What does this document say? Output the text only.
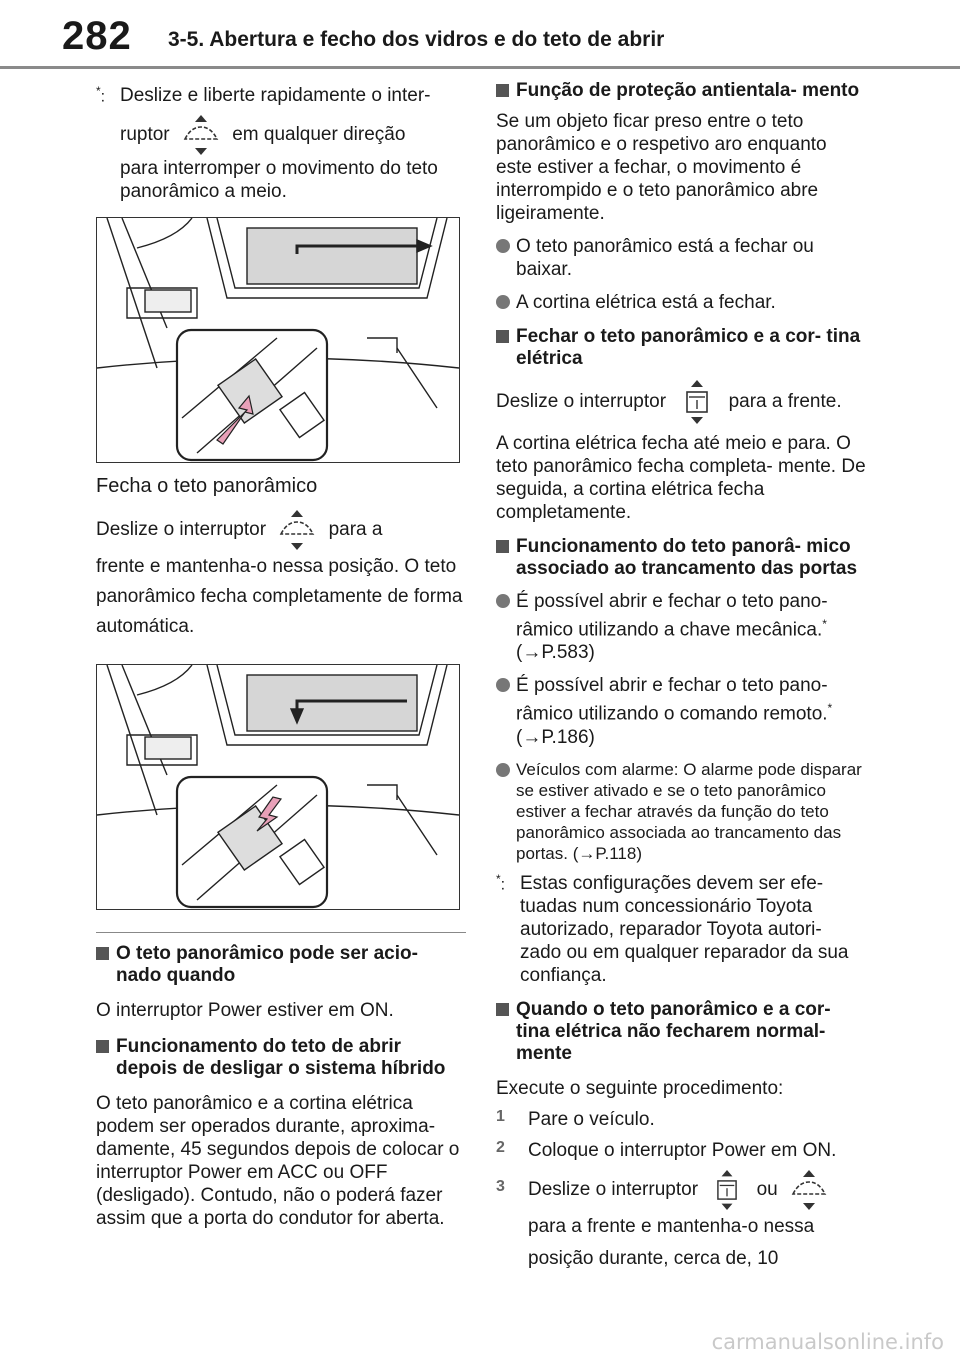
282 3-5. Abertura e fecho dos vidros e do teto de abrir
*: Deslize e liberte rapidamente o inter-

ruptor	em qualquer direção

para interromper o movimento do teto panorâmico a meio.

Fecha o teto panorâmico

Deslize o interruptor	para a

frente e mantenha-o nessa posição. O teto panorâmico fecha completamente de forma automática.

O teto panorâmico pode ser acio- nado quando

O interruptor Power estiver em ON.

Funcionamento do teto de abrir depois de desligar o sistema híbrido

O teto panorâmico e a cortina elétrica podem ser operados durante, aproxima- damente, 45 segundos depois de colocar o interruptor Power em ACC ou OFF (desligado). Contudo, não o poderá fazer assim que a porta do condutor for aberta.

Função de proteção antientala- mento

Se um objeto ficar preso entre o teto panorâmico e o respetivo aro enquanto este estiver a fechar, o movimento é interrompido e o teto panorâmico abre ligeiramente.

O teto panorâmico está a fechar ou baixar.

A cortina elétrica está a fechar.

Fechar o teto panorâmico e a cor- tina elétrica

Deslize o interruptor	para a frente.

A cortina elétrica fecha até meio e para. O teto panorâmico fecha completa- mente. De seguida, a cortina elétrica fecha completamente.

Funcionamento do teto panorâ- mico associado ao trancamento das portas

É possível abrir e fechar o teto pano- râmico utilizando a chave mecânica.*
(→P.583)

É possível abrir e fechar o teto pano- râmico utilizando o comando remoto.*
(→P.186)

Veículos com alarme: O alarme pode disparar se estiver ativado e se o teto panorâmico estiver a fechar através da função do teto panorâmico associada ao trancamento das portas. (→P.118)

*: Estas configurações devem ser efe- tuadas num concessionário Toyota autorizado, reparador Toyota autori- zado ou em qualquer reparador da sua confiança.

Quando o teto panorâmico e a cor- tina elétrica não fecharem normal- mente

Execute o seguinte procedimento:

1 Pare o veículo.

2 Coloque o interruptor Power em ON.

3 Deslize o interruptor	ou

para a frente e mantenha-o nessa

posição durante, cerca de, 10

carmanualsonline.info
